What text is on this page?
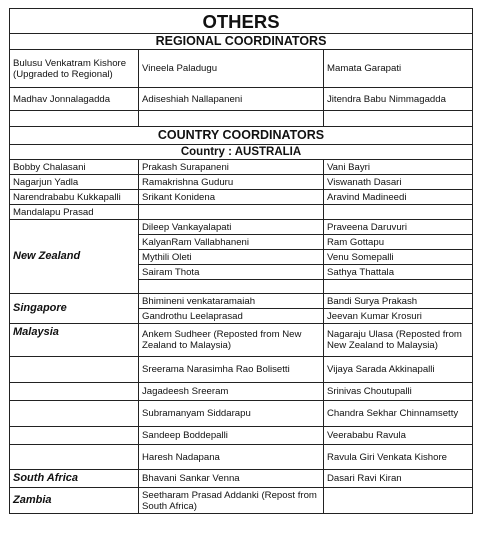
OTHERS		
REGIONAL COORDINATORS		
Bulusu Venkatram Kishore (Upgraded to Regional)	Vineela Paladugu	Mamata Garapati
Madhav Jonnalagadda	Adiseshiah Nallapaneni	Jitendra Babu Nimmagadda

COUNTRY COORDINATORS		
Country : AUSTRALIA		
Bobby Chalasani	Prakash Surapaneni	Vani Bayri
Nagarjun Yadla	Ramakrishna Guduru	Viswanath Dasari
Narendrababu Kukkapalli	Srikant Konidena	Aravind Madineedi
Mandalapu Prasad		
New Zealand	Dileep Vankayalapati	Praveena Daruvuri
	KalyanRam Vallabhaneni	Ram Gottapu
	Mythili Oleti	Venu Somepalli
	Sairam Thota	Sathya Thattala

Singapore	Bhimineni venkataramaiah	Bandi Surya Prakash
	Gandrothu Leelaprasad	Jeevan Kumar Krosuri
Malaysia	Ankem Sudheer (Reposted from New Zealand to Malaysia)	Nagaraju Ulasa (Reposted from New Zealand to Malaysia)
	Sreerama Narasimha Rao Bolisetti	Vijaya Sarada Akkinapalli
	Jagadeesh Sreeram	Srinivas Choutupalli
	Subramanyam Siddarapu	Chandra Sekhar Chinnamsetty
	Sandeep Boddepalli	Veerababu Ravula
	Haresh Nadapana	Ravula Giri Venkata Kishore
South Africa	Bhavani Sankar Venna	Dasari Ravi Kiran
Zambia	Seetharam Prasad Addanki (Repost from South Africa)	
